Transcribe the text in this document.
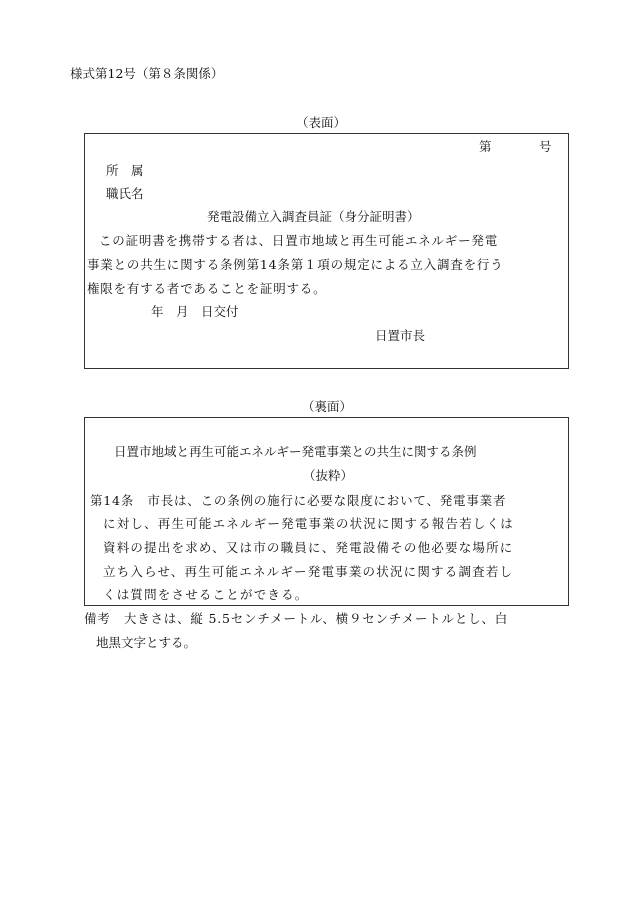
様式第12号（第８条関係）
（表面）
第	号
所　属
職氏名
発電設備立入調査員証（身分証明書）
この証明書を携帯する者は、日置市地域と再生可能エネルギー発電
事業との共生に関する条例第14条第１項の規定による立入調査を行う
権限を有する者であることを証明する。
年　月　日交付
日置市長
（裏面）
日置市地域と再生可能エネルギー発電事業との共生に関する条例
（抜粋）
第14条　市長は、この条例の施行に必要な限度において、発電事業者
に対し、再生可能エネルギー発電事業の状況に関する報告若しくは
資料の提出を求め、又は市の職員に、発電設備その他必要な場所に
立ち入らせ、再生可能エネルギー発電事業の状況に関する調査若し
くは質問をさせることができる。
備考　大きさは、縦 5.5センチメートル、横９センチメートルとし、白
地黒文字とする。
